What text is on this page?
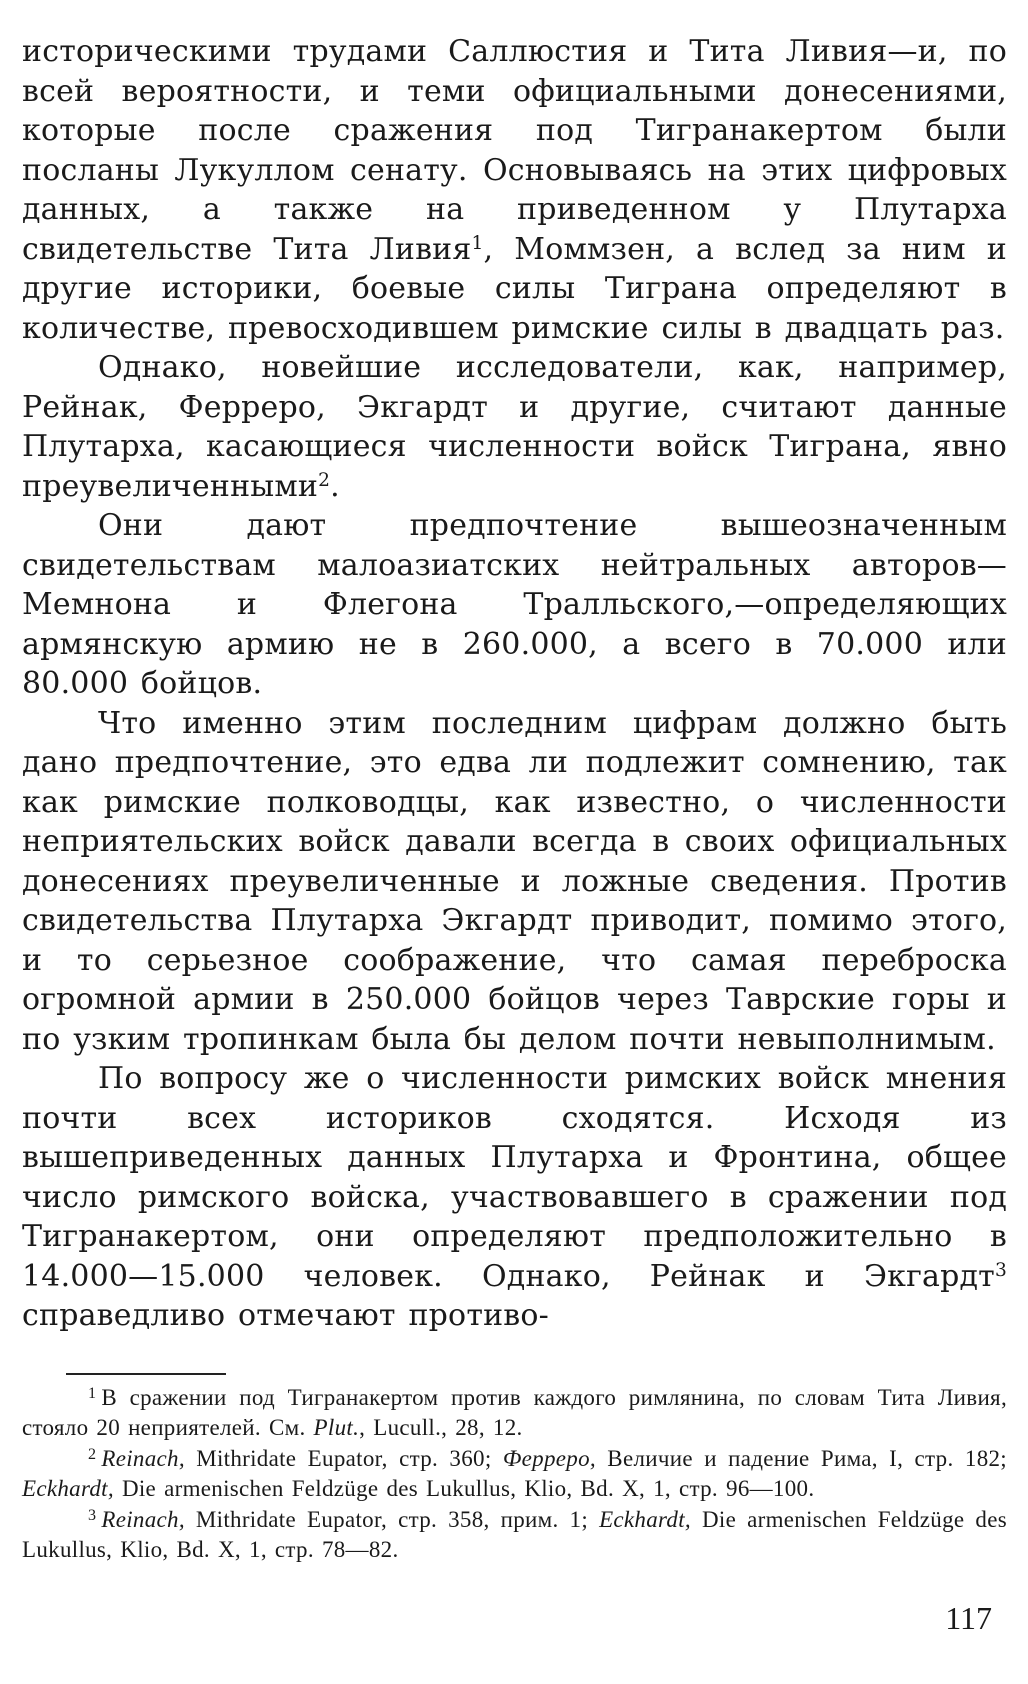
историческими трудами Саллюстия и Тита Ливия—и, по всей вероятности, и теми официальными донесениями, которые после сражения под Тигранакертом были посланы Лукуллом сенату. Основываясь на этих цифровых данных, а также на приведенном у Плутарха свидетельстве Тита Ливия$^1$, Моммзен, а вслед за ним и другие историки, боевые силы Тиграна определяют в количестве, превосходившем римские силы в двадцать раз.

Однако, новейшие исследователи, как, например, Рейнак, Ферреро, Экгардт и другие, считают данные Плутарха, касающиеся численности войск Тиграна, явно преувеличенными$^2$.

Они дают предпочтение вышеозначенным свидетельствам малоазиатских нейтральных авторов—Мемнона и Флегона Тралльского,—определяющих армянскую армию не в 260.000, а всего в 70.000 или 80.000 бойцов.

Что именно этим последним цифрам должно быть дано предпочтение, это едва ли подлежит сомнению, так как римские полководцы, как известно, о численности неприятельских войск давали всегда в своих официальных донесениях преувеличенные и ложные сведения. Против свидетельства Плутарха Экгардт приводит, помимо этого, и то серьезное соображение, что самая переброска огромной армии в 250.000 бойцов через Таврские горы и по узким тропинкам была бы делом почти невыполнимым.

По вопросу же о численности римских войск мнения почти всех историков сходятся. Исходя из вышеприведенных данных Плутарха и Фронтина, общее число римского войска, участвовавшего в сражении под Тигранакертом, они определяют предположительно в 14.000—15.000 человек. Однако, Рейнак и Экгардт$^3$ справедливо отмечают противо-

$^1$ В сражении под Тигранакертом против каждого римлянина, по словам Тита Ливия, стояло 20 неприятелей. См. Plut., Lucull., 28, 12.

$^2$ Reinach, Mithridate Eupator, стр. 360; Ферреро, Величие и падение Рима, I, стр. 182; Eckhardt, Die armenischen Feldzüge des Lukullus, Klio, Bd. X, 1, стр. 96—100.

$^3$ Reinach, Mithridate Eupator, стр. 358, прим. 1; Eckhardt, Die armenischen Feldzüge des Lukullus, Klio, Bd. X, 1, стр. 78—82.

117
